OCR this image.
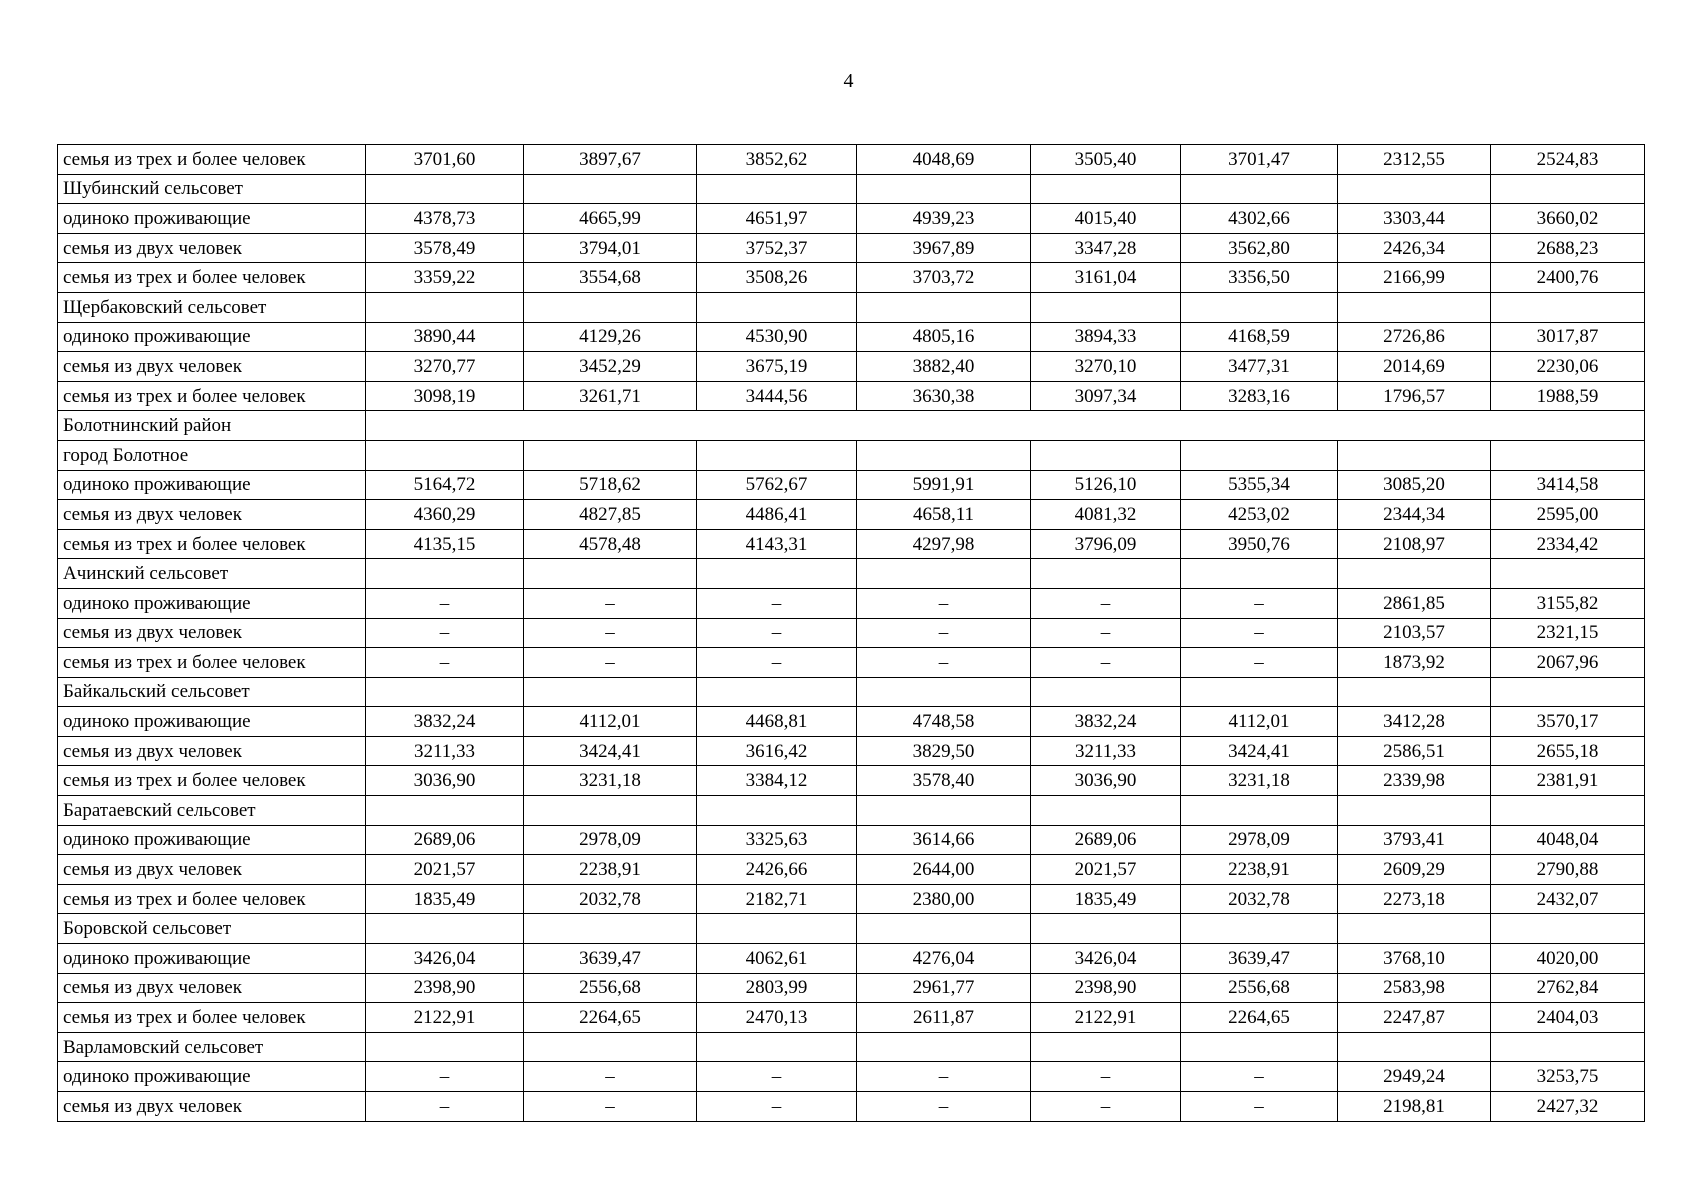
4
семья из трех и более человек	3701,60	3897,67	3852,62	4048,69	3505,40	3701,47	2312,55	2524,83
Шубинский сельсовет								
одиноко проживающие	4378,73	4665,99	4651,97	4939,23	4015,40	4302,66	3303,44	3660,02
семья из двух человек	3578,49	3794,01	3752,37	3967,89	3347,28	3562,80	2426,34	2688,23
семья из трех и более человек	3359,22	3554,68	3508,26	3703,72	3161,04	3356,50	2166,99	2400,76
Щербаковский сельсовет								
одиноко проживающие	3890,44	4129,26	4530,90	4805,16	3894,33	4168,59	2726,86	3017,87
семья из двух человек	3270,77	3452,29	3675,19	3882,40	3270,10	3477,31	2014,69	2230,06
семья из трех и более человек	3098,19	3261,71	3444,56	3630,38	3097,34	3283,16	1796,57	1988,59
Болотнинский район								
город Болотное								
одиноко проживающие	5164,72	5718,62	5762,67	5991,91	5126,10	5355,34	3085,20	3414,58
семья из двух человек	4360,29	4827,85	4486,41	4658,11	4081,32	4253,02	2344,34	2595,00
семья из трех и более человек	4135,15	4578,48	4143,31	4297,98	3796,09	3950,76	2108,97	2334,42
Ачинский сельсовет								
одиноко проживающие	–	–	–	–	–	–	2861,85	3155,82
семья из двух человек	–	–	–	–	–	–	2103,57	2321,15
семья из трех и более человек	–	–	–	–	–	–	1873,92	2067,96
Байкальский сельсовет								
одиноко проживающие	3832,24	4112,01	4468,81	4748,58	3832,24	4112,01	3412,28	3570,17
семья из двух человек	3211,33	3424,41	3616,42	3829,50	3211,33	3424,41	2586,51	2655,18
семья из трех и более человек	3036,90	3231,18	3384,12	3578,40	3036,90	3231,18	2339,98	2381,91
Баратаевский сельсовет								
одиноко проживающие	2689,06	2978,09	3325,63	3614,66	2689,06	2978,09	3793,41	4048,04
семья из двух человек	2021,57	2238,91	2426,66	2644,00	2021,57	2238,91	2609,29	2790,88
семья из трех и более человек	1835,49	2032,78	2182,71	2380,00	1835,49	2032,78	2273,18	2432,07
Боровской сельсовет								
одиноко проживающие	3426,04	3639,47	4062,61	4276,04	3426,04	3639,47	3768,10	4020,00
семья из двух человек	2398,90	2556,68	2803,99	2961,77	2398,90	2556,68	2583,98	2762,84
семья из трех и более человек	2122,91	2264,65	2470,13	2611,87	2122,91	2264,65	2247,87	2404,03
Варламовский сельсовет								
одиноко проживающие	–	–	–	–	–	–	2949,24	3253,75
семья из двух человек	–	–	–	–	–	–	2198,81	2427,32
